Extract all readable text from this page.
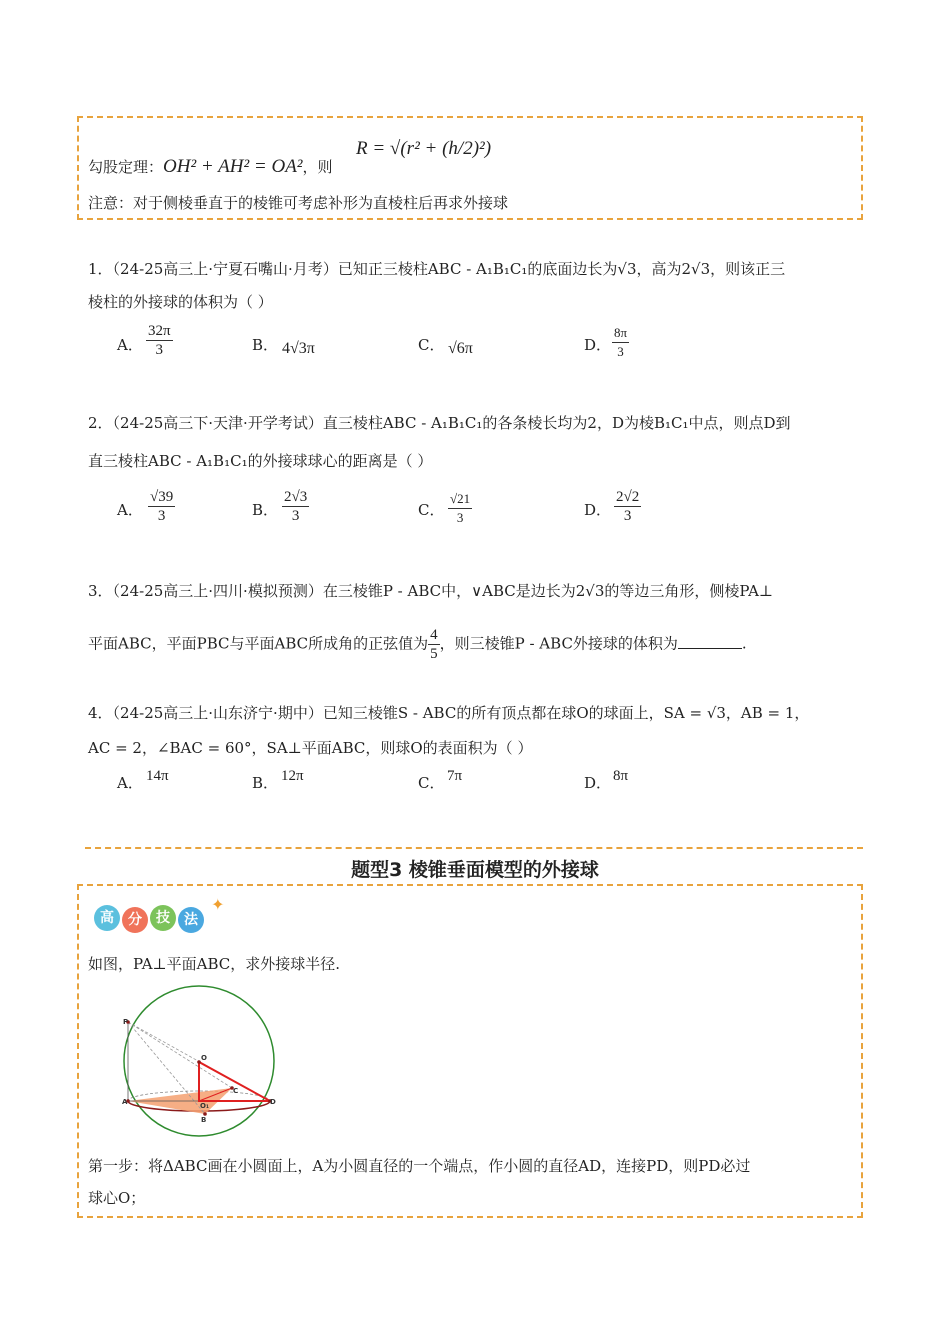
勾股定理：OH² + AH² = OA²，则
R = √(r² + (h/2)²)
注意：对于侧棱垂直于的棱锥可考虑补形为直棱柱后再求外接球
1．（24-25高三上·宁夏石嘴山·月考）已知正三棱柱ABC - A₁B₁C₁的底面边长为√3，高为2√3，则该正三
棱柱的外接球的体积为（ ）
A． $\frac{32\pi}{3}$	B． 4√3π	C． √6π	D． $\frac{8\pi}{3}$
2．（24-25高三下·天津·开学考试）直三棱柱ABC - A₁B₁C₁的各条棱长均为2，D为棱B₁C₁中点，则点D到
直三棱柱ABC - A₁B₁C₁的外接球球心的距离是（ ）
A． $\frac{√39}{3}$	B． $\frac{2√3}{3}$	C． $\frac{√21}{3}$	D． $\frac{2√2}{3}$
3．（24-25高三上·四川·模拟预测）在三棱锥P - ABC中，∨ABC是边长为2√3的等边三角形，侧棱PA⊥
平面ABC，平面PBC与平面ABC所成角的正弦值为 $\frac{4}{5}$ ，则三棱锥P - ABC外接球的体积为	.
4．（24-25高三上·山东济宁·期中）已知三棱锥S - ABC的所有顶点都在球O的球面上，SA = √3，AB = 1，
AC = 2，∠BAC = 60°，SA⊥平面ABC，则球O的表面积为（ ）
A． 14π	B． 12π	C． 7π	D． 8π
题型3 棱锥垂面模型的外接球
高 分 技 法 ✦
如图，PA⊥平面ABC，求外接球半径.
P
O
C
A	O₁
B
D
第一步：将ΔABC画在小圆面上，A为小圆直径的一个端点，作小圆的直径AD，连接PD，则PD必过
球心O；
